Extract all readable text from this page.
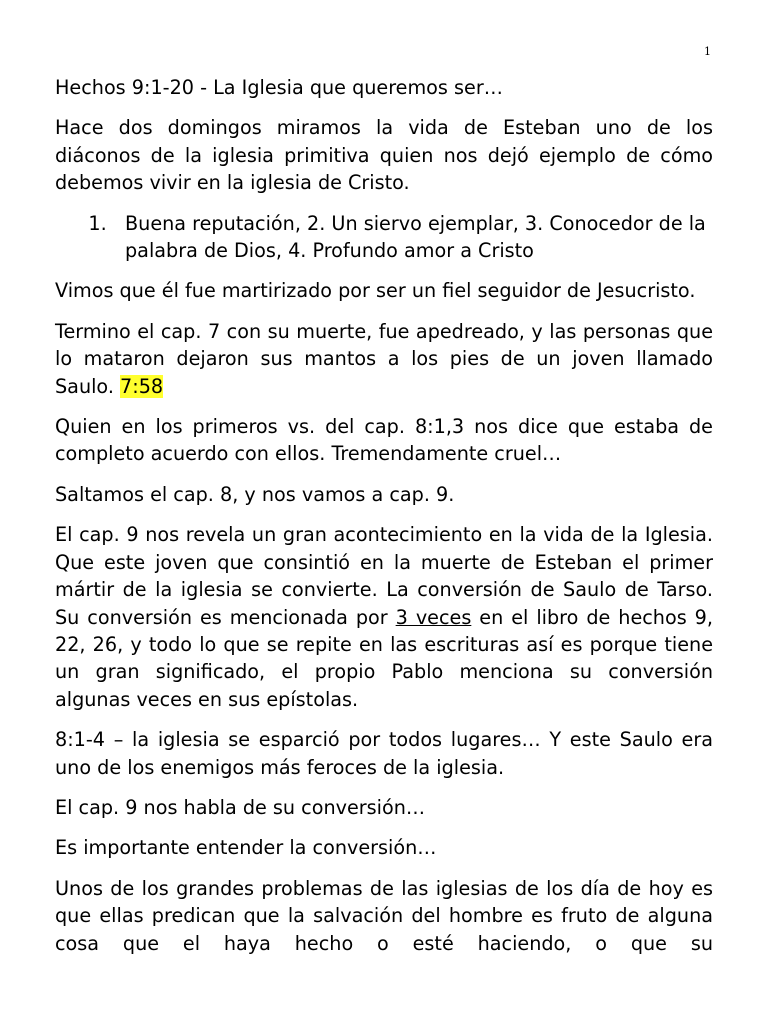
1

Hechos 9:1-20 - La Iglesia que queremos ser…

Hace dos domingos miramos la vida de Esteban uno de los diáconos de la iglesia primitiva quien nos dejó ejemplo de cómo debemos vivir en la iglesia de Cristo.

1. Buena reputación, 2. Un siervo ejemplar, 3. Conocedor de la palabra de Dios, 4. Profundo amor a Cristo

Vimos que él fue martirizado por ser un fiel seguidor de Jesucristo.

Termino el cap. 7 con su muerte, fue apedreado, y las personas que lo mataron dejaron sus mantos a los pies de un joven llamado Saulo. 7:58

Quien en los primeros vs. del cap. 8:1,3 nos dice que estaba de completo acuerdo con ellos. Tremendamente cruel…

Saltamos el cap. 8, y nos vamos a cap. 9.

El cap. 9 nos revela un gran acontecimiento en la vida de la Iglesia. Que este joven que consintió en la muerte de Esteban el primer mártir de la iglesia se convierte. La conversión de Saulo de Tarso. Su conversión es mencionada por 3 veces en el libro de hechos 9, 22, 26, y todo lo que se repite en las escrituras así es porque tiene un gran significado, el propio Pablo menciona su conversión algunas veces en sus epístolas.

8:1-4 – la iglesia se esparció por todos lugares… Y este Saulo era uno de los enemigos más feroces de la iglesia.

El cap. 9 nos habla de su conversión…

Es importante entender la conversión…

Unos de los grandes problemas de las iglesias de los día de hoy es que ellas predican que la salvación del hombre es fruto de alguna cosa que el haya hecho o esté haciendo, o que su
